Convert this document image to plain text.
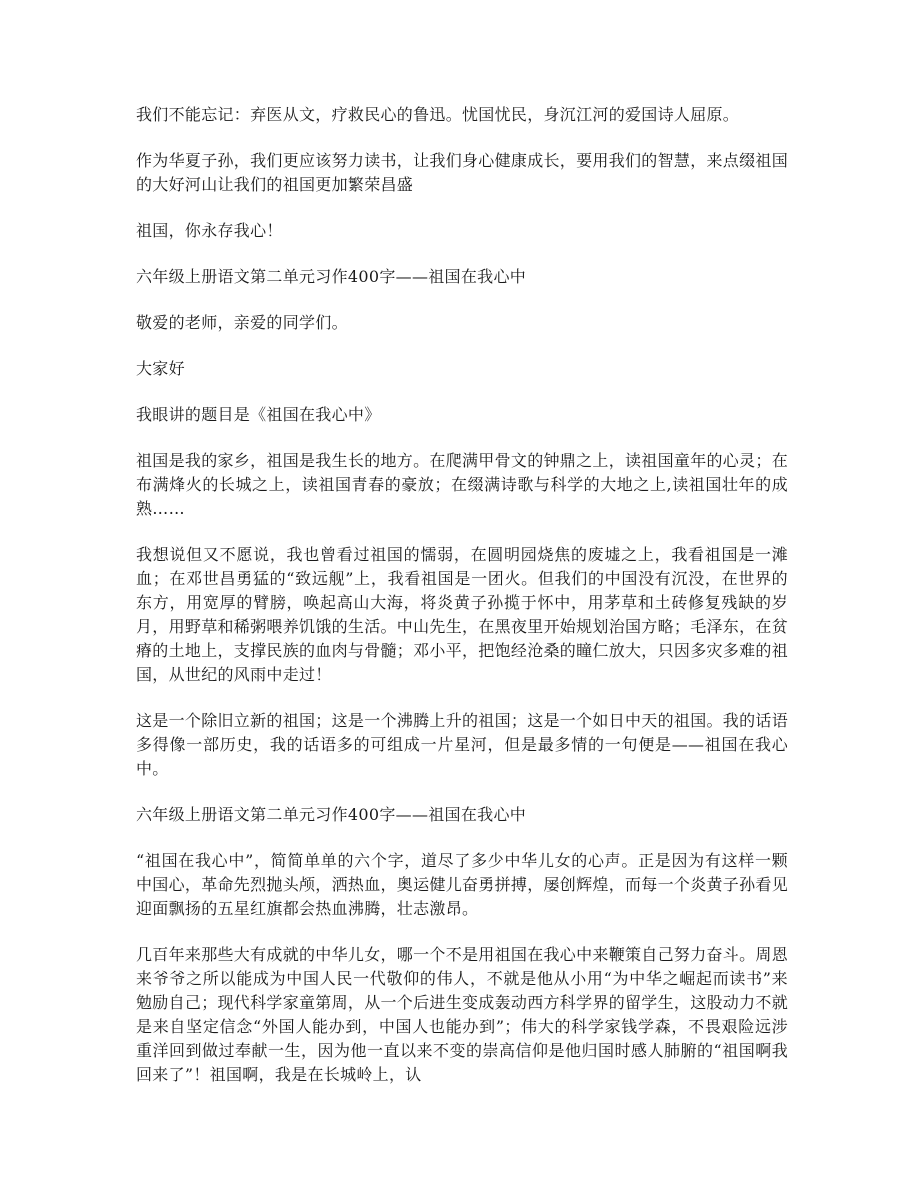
我们不能忘记：弃医从文，疗救民心的鲁迅。忧国忧民，身沉江河的爱国诗人屈原。

作为华夏子孙，我们更应该努力读书，让我们身心健康成长，要用我们的智慧，来点缀祖国的大好河山让我们的祖国更加繁荣昌盛

祖国，你永存我心！

六年级上册语文第二单元习作400字——祖国在我心中

敬爱的老师，亲爱的同学们。

大家好

我眼讲的题目是《祖国在我心中》

祖国是我的家乡，祖国是我生长的地方。在爬满甲骨文的钟鼎之上，读祖国童年的心灵；在布满烽火的长城之上，读祖国青春的豪放；在缀满诗歌与科学的大地之上,读祖国壮年的成熟……

我想说但又不愿说，我也曾看过祖国的懦弱，在圆明园烧焦的废墟之上，我看祖国是一滩血；在邓世昌勇猛的“致远舰”上，我看祖国是一团火。但我们的中国没有沉没，在世界的东方，用宽厚的臂膀，唤起高山大海，将炎黄子孙揽于怀中，用茅草和土砖修复残缺的岁月，用野草和稀粥喂养饥饿的生活。中山先生，在黑夜里开始规划治国方略；毛泽东，在贫瘠的土地上，支撑民族的血肉与骨髓；邓小平，把饱经沧桑的瞳仁放大，只因多灾多难的祖国，从世纪的风雨中走过！

这是一个除旧立新的祖国；这是一个沸腾上升的祖国；这是一个如日中天的祖国。我的话语多得像一部历史，我的话语多的可组成一片星河，但是最多情的一句便是——祖国在我心中。

六年级上册语文第二单元习作400字——祖国在我心中

“祖国在我心中”，简简单单的六个字，道尽了多少中华儿女的心声。正是因为有这样一颗中国心，革命先烈抛头颅，洒热血，奥运健儿奋勇拼搏，屡创辉煌，而每一个炎黄子孙看见迎面飘扬的五星红旗都会热血沸腾，壮志激昂。

几百年来那些大有成就的中华儿女，哪一个不是用祖国在我心中来鞭策自己努力奋斗。周恩来爷爷之所以能成为中国人民一代敬仰的伟人，不就是他从小用“为中华之崛起而读书”来勉励自己；现代科学家童第周，从一个后进生变成轰动西方科学界的留学生，这股动力不就是来自坚定信念“外国人能办到，中国人也能办到”；伟大的科学家钱学森，不畏艰险远涉重洋回到做过奉献一生，因为他一直以来不变的崇高信仰是他归国时感人肺腑的“祖国啊我回来了”！祖国啊，我是在长城岭上，认
